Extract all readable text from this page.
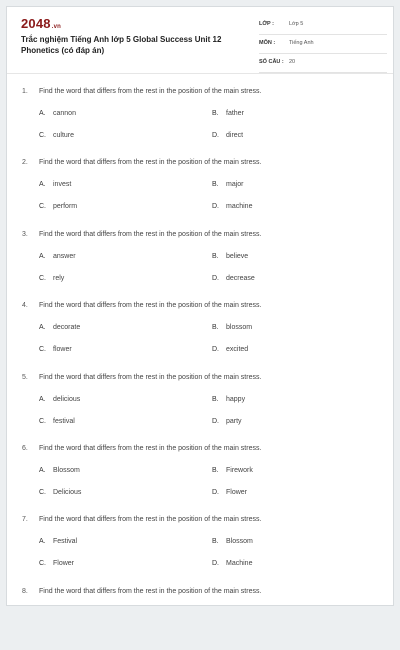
2048.vn
Trắc nghiệm Tiếng Anh lớp 5 Global Success Unit 12 Phonetics (có đáp án)
LỚP :	Lớp 5
MÔN :	Tiếng Anh
SỐ CÂU : 20
1. Find the word that differs from the rest in the position of the main stress.
A. cannon	B. father
C. culture	D. direct
2. Find the word that differs from the rest in the position of the main stress.
A. invest	B. major
C. perform	D. machine
3. Find the word that differs from the rest in the position of the main stress.
A. answer	B. believe
C. rely	D. decrease
4. Find the word that differs from the rest in the position of the main stress.
A. decorate	B. blossom
C. flower	D. excited
5. Find the word that differs from the rest in the position of the main stress.
A. delicious	B. happy
C. festival	D. party
6. Find the word that differs from the rest in the position of the main stress.
A. Blossom	B. Firework
C. Delicious	D. Flower
7. Find the word that differs from the rest in the position of the main stress.
A. Festival	B. Blossom
C. Flower	D. Machine
8. Find the word that differs from the rest in the position of the main stress.
